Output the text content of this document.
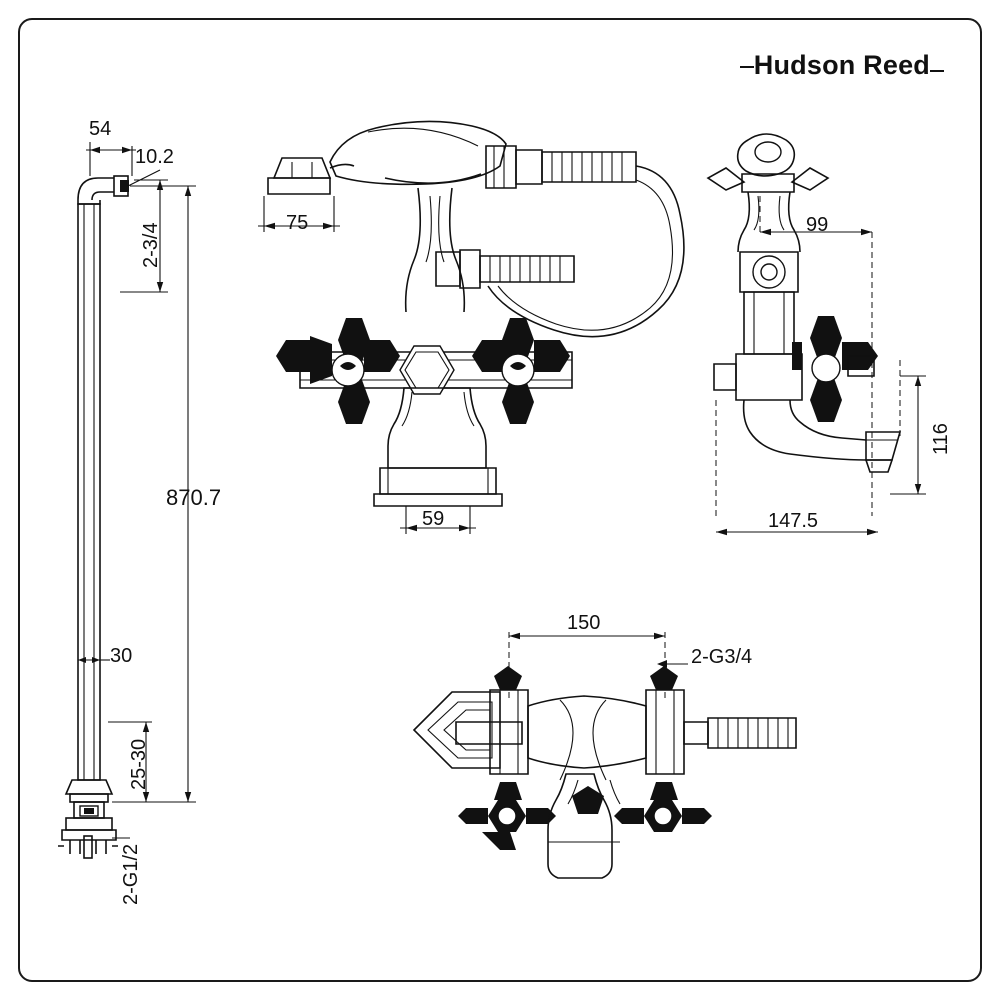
Hudson Reed
54
10.2
2-3/4
870.7
30
25-30
2-G1/2
75
59
99
116
147.5
150
2-G3/4
